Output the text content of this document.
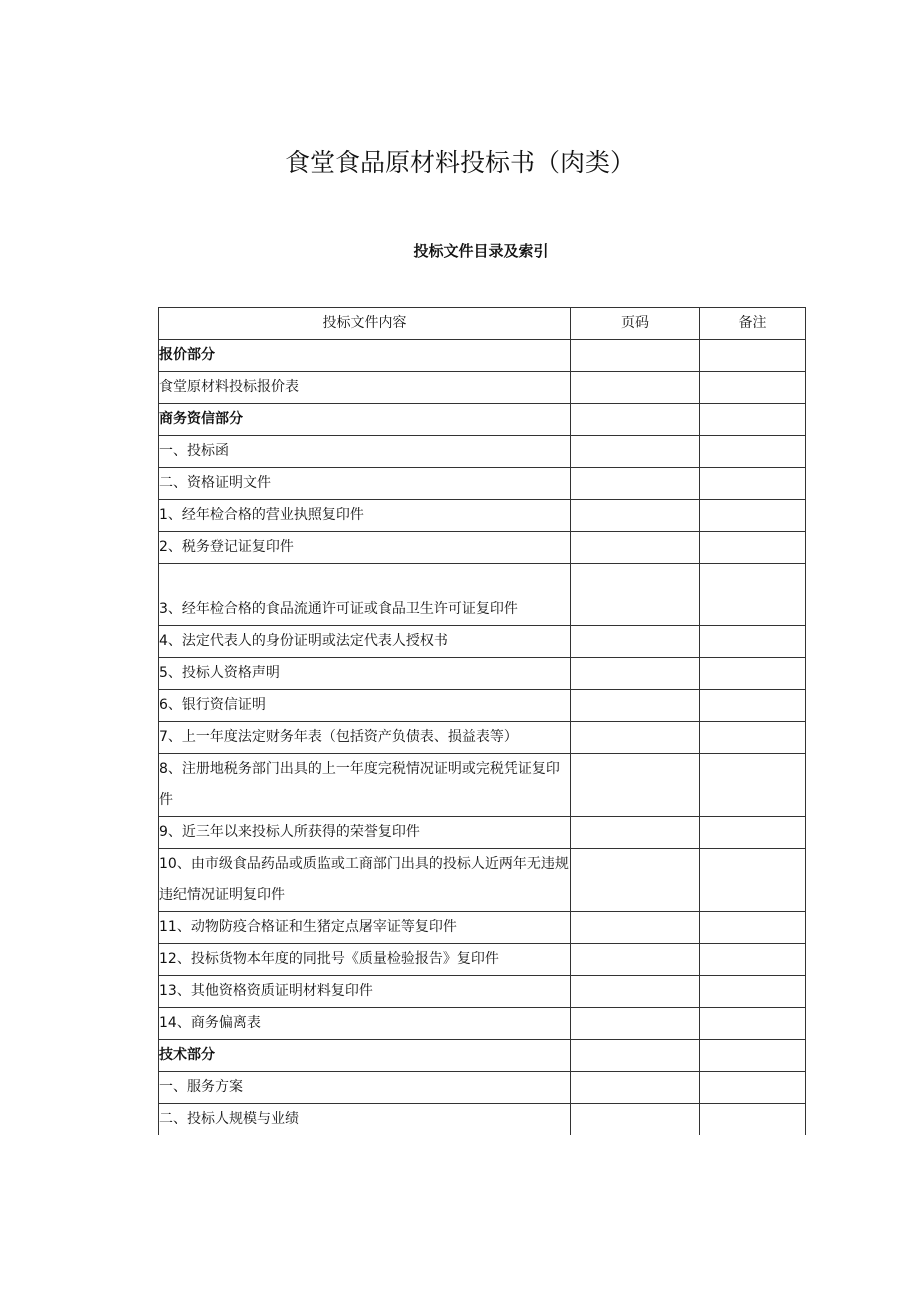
食堂食品原材料投标书（肉类）
投标文件目录及索引
投标文件内容	页码	备注
报价部分		
食堂原材料投标报价表		
商务资信部分		
一、投标函		
二、资格证明文件		
1、经年检合格的营业执照复印件		
2、税务登记证复印件		
3、经年检合格的食品流通许可证或食品卫生许可证复印件		
4、法定代表人的身份证明或法定代表人授权书		
5、投标人资格声明		
6、银行资信证明		
7、上一年度法定财务年表（包括资产负债表、损益表等）		
8、注册地税务部门出具的上一年度完税情况证明或完税凭证复印件		
9、近三年以来投标人所获得的荣誉复印件		
10、由市级食品药品或质监或工商部门出具的投标人近两年无违规违纪情况证明复印件		
11、动物防疫合格证和生猪定点屠宰证等复印件		
12、投标货物本年度的同批号《质量检验报告》复印件		
13、其他资格资质证明材料复印件		
14、商务偏离表		
技术部分		
一、服务方案		
二、投标人规模与业绩		
